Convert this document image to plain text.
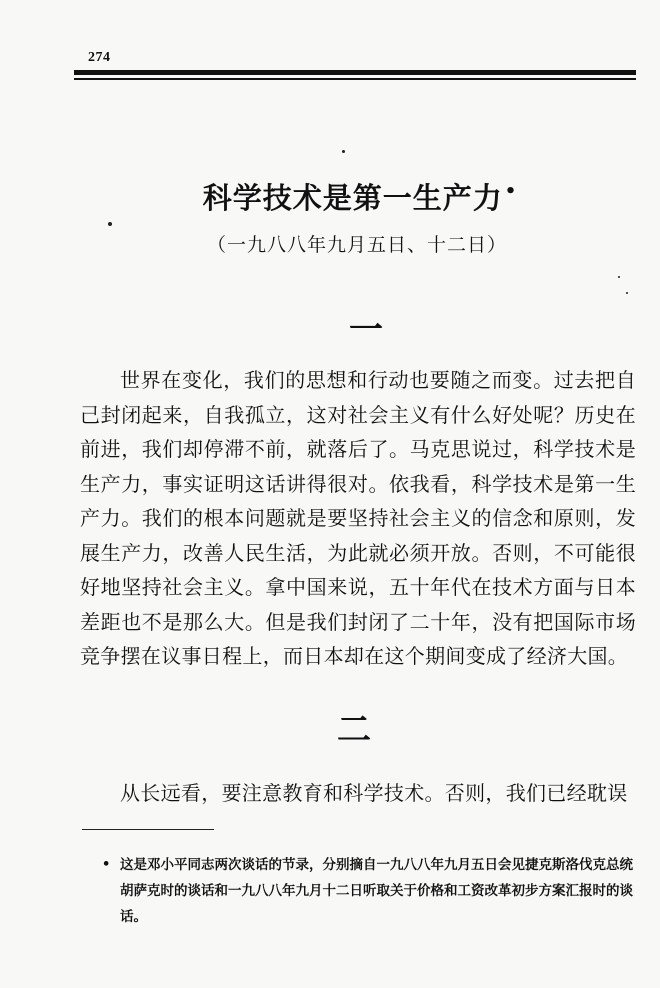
274
科学技术是第一生产力 •
（一九八八年九月五日、十二日）
一
世界在变化，我们的思想和行动也要随之而变。过去把自己封闭起来，自我孤立，这对社会主义有什么好处呢？历史在前进，我们却停滞不前，就落后了。马克思说过，科学技术是生产力，事实证明这话讲得很对。依我看，科学技术是第一生产力。我们的根本问题就是要坚持社会主义的信念和原则，发展生产力，改善人民生活，为此就必须开放。否则，不可能很好地坚持社会主义。拿中国来说，五十年代在技术方面与日本差距也不是那么大。但是我们封闭了二十年，没有把国际市场竞争摆在议事日程上，而日本却在这个期间变成了经济大国。
二
从长远看，要注意教育和科学技术。否则，我们已经耽误
• 这是邓小平同志两次谈话的节录，分别摘自一九八八年九月五日会见捷克斯洛伐克总统胡萨克时的谈话和一九八八年九月十二日听取关于价格和工资改革初步方案汇报时的谈话。
